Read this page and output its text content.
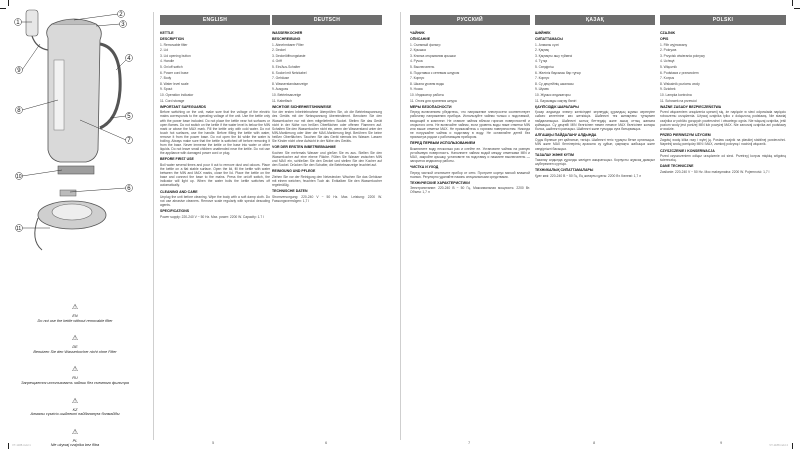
1
2
3
4
5
6
7
8
9
10
11
⚠
EN
Do not use the kettle without removable filter
⚠
DE
Benutzen Sie den Wasserkocher nicht ohne Filter
⚠
RU
Запрещается использовать чайник без съемного фильтра
⚠
KZ
Алмалы сүзгісіз шәйнекті пайдалануға болмайды
⚠
PL
Nie używaj czajnika bez filtra
ENGLISH	DEUTSCH	РУССКИЙ	ҚАЗАҚ	POLSKI

KETTLE

DESCRIPTION

1. Removable filter

2. Lid

3. Lid opening button

4. Handle

5. On/off switch

6. Power cord base

7. Body

8. Water level scale

9. Spout

10. Operation indicator

11. Cord storage

IMPORTANT SAFEGUARDS

Before switching on the unit, make sure that the voltage of the electric mains corresponds to the operating voltage of the unit. Use the kettle only with the power base included. Do not place the kettle near hot surfaces or open flames. Do not switch on the kettle if the water level is below the MIN mark or above the MAX mark. Fill the kettle only with cold water. Do not touch hot surfaces, use the handle. Before filling the kettle with water, remove it from the power base. Do not open the lid while the water is boiling. Always make sure that the kettle is switched off before removing it from the base. Never immerse the kettle or the base into water or other liquids. Do not leave small children unattended near the kettle. Do not use the appliance with damaged power cord or plug.

BEFORE FIRST USE

Boil water several times and pour it out to remove dust and odours. Place the kettle on a flat stable surface. Open the lid, fill the kettle with water between the MIN and MAX marks, close the lid. Place the kettle on the base and connect the base to the mains. Press the on/off switch, the indicator will light up. When the water boils the kettle switches off automatically.

CLEANING AND CARE

Unplug the unit before cleaning. Wipe the body with a soft damp cloth. Do not use abrasive cleaners. Remove scale regularly with special descaling agents.

SPECIFICATIONS

Power supply: 220-240 V ~ 50 Hz. Max. power: 2200 W. Capacity: 1.7 l

WASSERKOCHER

BESCHREIBUNG

1. Abnehmbarer Filter

2. Deckel

3. Deckelöffnungstaste

4. Griff

5. Ein/Aus-Schalter

6. Sockel mit Netzkabel

7. Gehäuse

8. Wasserstandsanzeige

9. Ausguss

10. Betriebsanzeige

11. Kabelfach

WICHTIGE SICHERHEITSHINWEISE

Vor der ersten Inbetriebnahme überprüfen Sie, ob die Betriebsspannung des Geräts mit der Netzspannung übereinstimmt. Benutzen Sie den Wasserkocher nur mit dem mitgelieferten Sockel. Stellen Sie das Gerät nicht in der Nähe von heißen Oberflächen oder offenen Flammen auf. Schalten Sie den Wasserkocher nicht ein, wenn der Wasserstand unter der MIN-Markierung oder über der MAX-Markierung liegt. Berühren Sie keine heißen Oberflächen. Tauchen Sie das Gerät niemals ins Wasser. Lassen Sie Kinder nicht ohne Aufsicht in der Nähe des Geräts.

VOR DER ERSTEN INBETRIEBNAHME

Kochen Sie mehrmals Wasser und gießen Sie es aus. Stellen Sie den Wasserkocher auf eine ebene Fläche. Füllen Sie Wasser zwischen MIN und MAX ein, schließen Sie den Deckel und stellen Sie den Kocher auf den Sockel. Drücken Sie den Schalter, die Betriebsanzeige leuchtet auf.

REINIGUNG UND PFLEGE

Ziehen Sie vor der Reinigung den Netzstecker. Wischen Sie das Gehäuse mit einem weichen, feuchten Tuch ab. Entkalken Sie den Wasserkocher regelmäßig.

TECHNISCHE DATEN

Stromversorgung: 220-240 V ~ 50 Hz. Max. Leistung: 2200 W. Fassungsvermögen: 1,7 l

ЧАЙНИК

ОПИСАНИЕ

1. Съемный фильтр

2. Крышка

3. Кнопка открывания крышки

4. Ручка

5. Выключатель

6. Подставка с сетевым шнуром

7. Корпус

8. Шкала уровня воды

9. Носик

10. Индикатор работы

11. Отсек для хранения шнура

МЕРЫ БЕЗОПАСНОСТИ

Перед включением убедитесь, что напряжение электросети соответствует рабочему напряжению прибора. Используйте чайник только с подставкой, входящей в комплект. Не ставьте чайник вблизи горячих поверхностей и открытого огня. Не включайте чайник, если уровень воды ниже отметки MIN или выше отметки MAX. Не прикасайтесь к горячим поверхностям. Никогда не погружайте чайник и подставку в воду. Не оставляйте детей без присмотра рядом с работающим прибором.

ПЕРЕД ПЕРВЫМ ИСПОЛЬЗОВАНИЕМ

Вскипятите воду несколько раз и слейте ее. Установите чайник на ровную устойчивую поверхность. Наполните чайник водой между отметками MIN и MAX, закройте крышку, установите на подставку и нажмите выключатель — загорится индикатор работы.

ЧИСТКА И УХОД

Перед чисткой отключите прибор от сети. Протрите корпус мягкой влажной тканью. Регулярно удаляйте накипь специальными средствами.

ТЕХНИЧЕСКИЕ ХАРАКТЕРИСТИКИ

Электропитание: 220-240 В ~ 50 Гц. Максимальная мощность: 2200 Вт. Объем: 1,7 л

ШӘЙНЕК

СИПАТТАМАСЫ

1. Алмалы сүзгі

2. Қақпақ

3. Қақпақты ашу түймесі

4. Тұтқа

5. Сөндіргіш

6. Желілік баусымы бар тұғыр

7. Корпус

8. Су деңгейінің шкаласы

9. Шүмек

10. Жұмыс индикаторы

11. Баусымды сақтау бөлігі

ҚАУІПСІЗДІК ШАРАЛАРЫ

Қосар алдында электр желісіндегі кернеудің құралдың жұмыс кернеуіне сәйкес келетініне көз жеткізіңіз. Шәйнекті тек жинақтағы тұғырмен пайдаланыңыз. Шәйнекті ыстық беттердің және ашық оттың жанына қоймаңыз. Су деңгейі MIN белгісінен төмен немесе MAX белгісінен жоғары болса, шәйнекті қоспаңыз. Шәйнекті және тұғырды суға батырмаңыз.

АЛҒАШҚЫ ПАЙДАЛАНУ АЛДЫНДА

Суды бірнеше рет қайнатып, төгіңіз. Шәйнекті тегіс тұрақты бетке орнатыңыз. MIN және MAX белгілерінің арасына су құйып, қақпақты жабыңыз және сөндіргішті басыңыз.

ТАЗАЛАУ ЖӘНЕ КҮТІМ

Тазалау алдында құралды желіден ажыратыңыз. Корпусты жұмсақ дымқыл шүберекпен сүртіңіз.

ТЕХНИКАЛЫҚ СИПАТТАМАЛАРЫ

Қуат көзі: 220-240 В ~ 50 Гц. Ең жоғарғы қуаты: 2200 Вт. Көлемі: 1,7 л

CZAJNIK

OPIS

1. Filtr wyjmowany

2. Pokrywa

3. Przycisk otwierania pokrywy

4. Uchwyt

5. Włącznik

6. Podstawa z przewodem

7. Korpus

8. Wskaźnik poziomu wody

9. Dziobek

10. Lampka kontrolna

11. Schowek na przewód

WAŻNE ZASADY BEZPIECZEŃSTWA

Przed włączeniem urządzenia upewnij się, że napięcie w sieci odpowiada napięciu roboczemu urządzenia. Używaj czajnika tylko z dołączoną podstawą. Nie stawiaj czajnika w pobliżu gorących powierzchni i otwartego ognia. Nie włączaj czajnika, jeśli poziom wody jest poniżej MIN lub powyżej MAX. Nie zanurzaj czajnika ani podstawy w wodzie.

PRZED PIERWSZYM UŻYCIEM

Zagotuj wodę kilka razy i wylej ją. Postaw czajnik na płaskiej stabilnej powierzchni. Napełnij wodą pomiędzy MIN i MAX, zamknij pokrywę i naciśnij włącznik.

CZYSZCZENIE I KONSERWACJA

Przed czyszczeniem odłącz urządzenie od sieci. Przetrzyj korpus miękką wilgotną ściereczką.

DANE TECHNICZNE

Zasilanie: 220-240 V ~ 50 Hz. Moc maksymalna: 2200 W. Pojemność: 1,7 l

5	6	7	8	9
VT-1188.indd 1	VT-1188.indd 2
